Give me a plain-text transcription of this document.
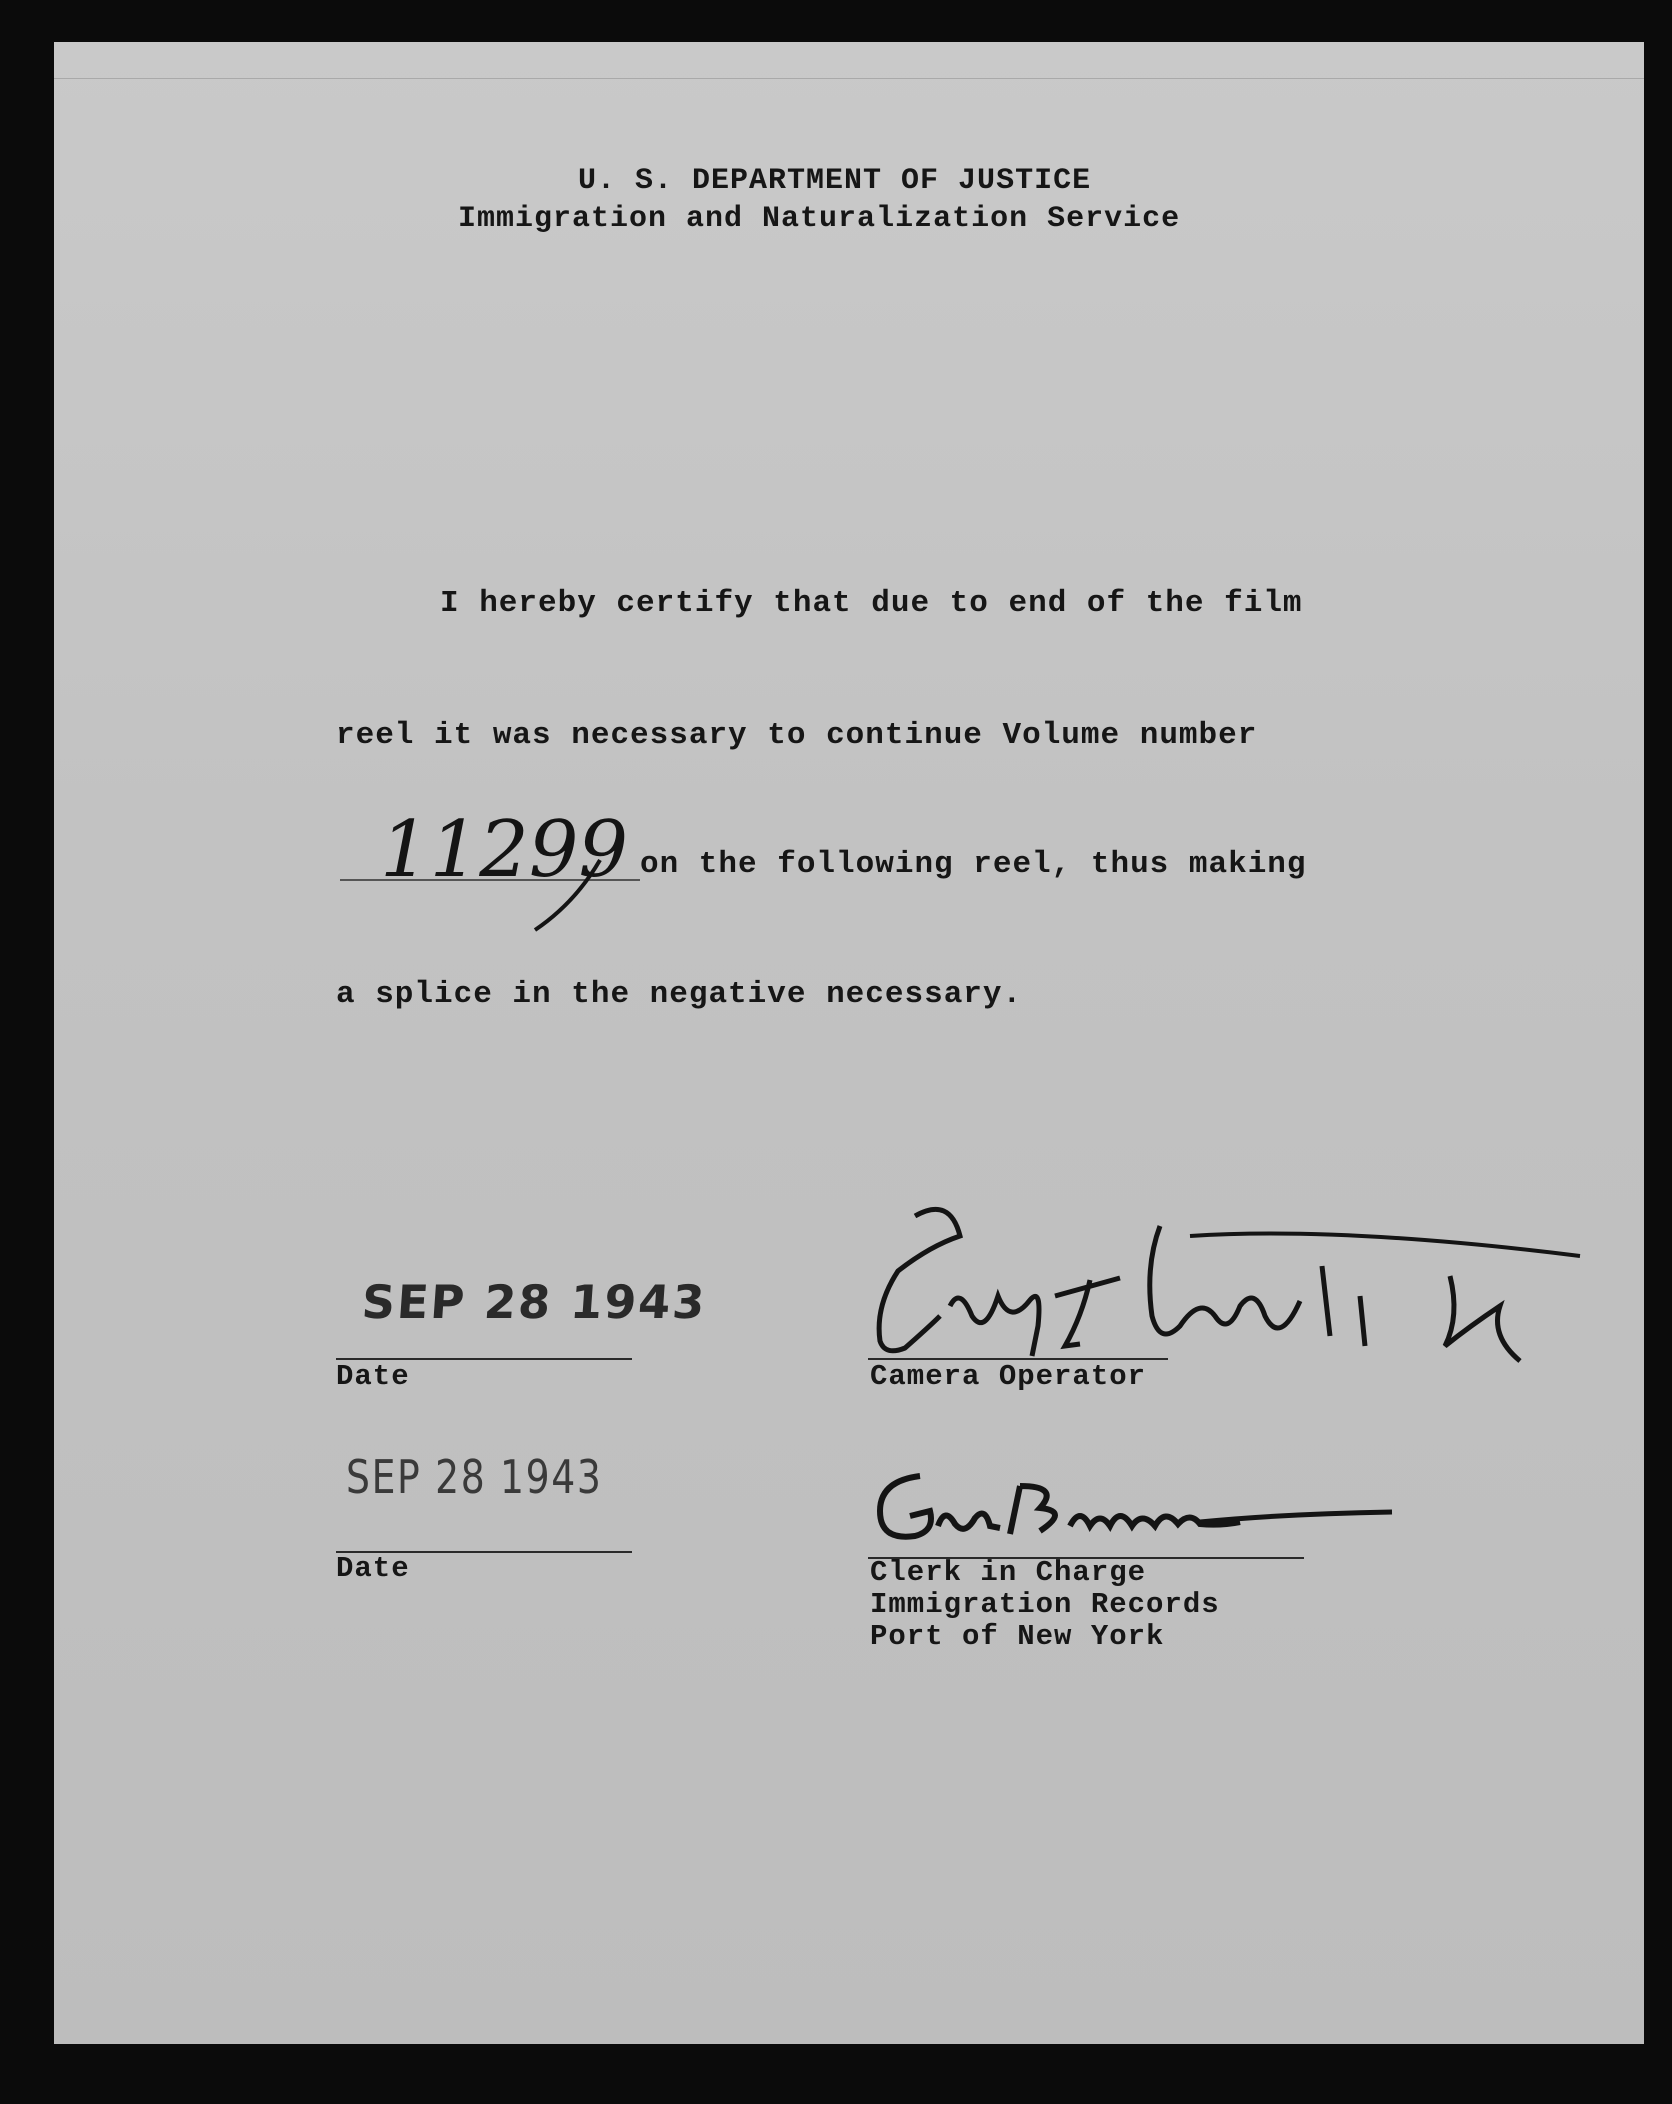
U. S. DEPARTMENT OF JUSTICE
Immigration and Naturalization Service
I hereby certify that due to end of the film
reel it was necessary to continue Volume number
11299 on the following reel, thus making
a splice in the negative necessary.
SEP 28 1943
Date	Camera Operator
SEP 28 1943
Date	Clerk in Charge
Immigration Records
Port of New York
